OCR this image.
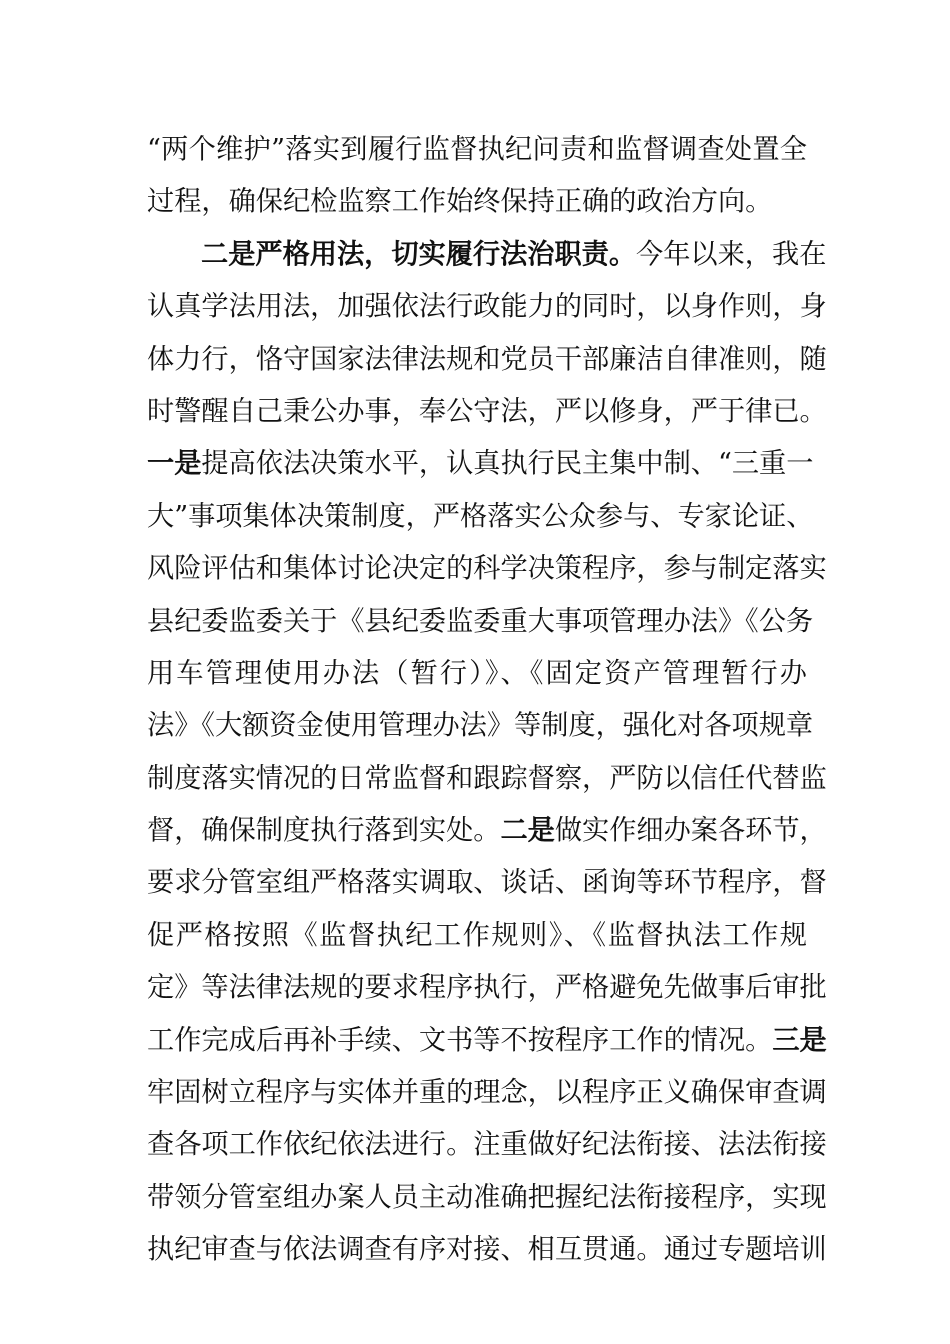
“两个维护”落实到履行监督执纪问责和监督调查处置全
过程，确保纪检监察工作始终保持正确的政治方向。
二是严格用法，切实履行法治职责。今年以来，我在
认真学法用法，加强依法行政能力的同时，以身作则，身
体力行，恪守国家法律法规和党员干部廉洁自律准则，随
时警醒自己秉公办事，奉公守法，严以修身，严于律已。
一是提高依法决策水平，认真执行民主集中制、“三重一
大”事项集体决策制度，严格落实公众参与、专家论证、
风险评估和集体讨论决定的科学决策程序，参与制定落实
县纪委监委关于《县纪委监委重大事项管理办法》《公务
用车管理使用办法（暂行）》、《固定资产管理暂行办
法》《大额资金使用管理办法》等制度，强化对各项规章
制度落实情况的日常监督和跟踪督察，严防以信任代替监
督，确保制度执行落到实处。二是做实作细办案各环节，
要求分管室组严格落实调取、谈话、函询等环节程序，督
促严格按照《监督执纪工作规则》、《监督执法工作规
定》等法律法规的要求程序执行，严格避免先做事后审批
工作完成后再补手续、文书等不按程序工作的情况。三是
牢固树立程序与实体并重的理念，以程序正义确保审查调
查各项工作依纪依法进行。注重做好纪法衔接、法法衔接
带领分管室组办案人员主动准确把握纪法衔接程序，实现
执纪审查与依法调查有序对接、相互贯通。通过专题培训
